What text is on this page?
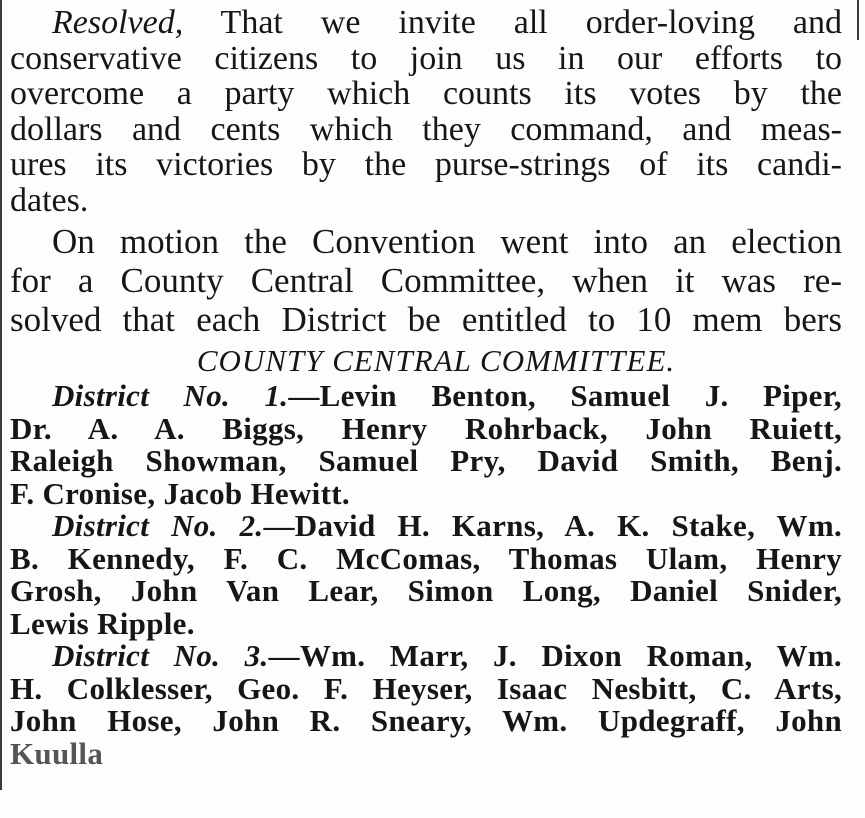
Resolved, That we invite all order-loving and
conservative citizens to join us in our efforts to
overcome a party which counts its votes by the
dollars and cents which they command, and meas-
ures its victories by the purse-strings of its candi-
dates.
On motion the Convention went into an election
for a County Central Committee, when it was re-
solved that each District be entitled to 10 mem bers
COUNTY CENTRAL COMMITTEE.
District No. 1.—Levin Benton, Samuel J. Piper,
Dr. A. A. Biggs, Henry Rohrback, John Ruiett,
Raleigh Showman, Samuel Pry, David Smith, Benj.
F. Cronise, Jacob Hewitt.
District No. 2.—David H. Karns, A. K. Stake, Wm.
B. Kennedy, F. C. McComas, Thomas Ulam, Henry
Grosh, John Van Lear, Simon Long, Daniel Snider,
Lewis Ripple.
District No. 3.—Wm. Marr, J. Dixon Roman, Wm.
H. Colklesser, Geo. F. Heyser, Isaac Nesbitt, C. Arts,
John Hose, John R. Sneary, Wm. Updegraff, John
Kuulla
